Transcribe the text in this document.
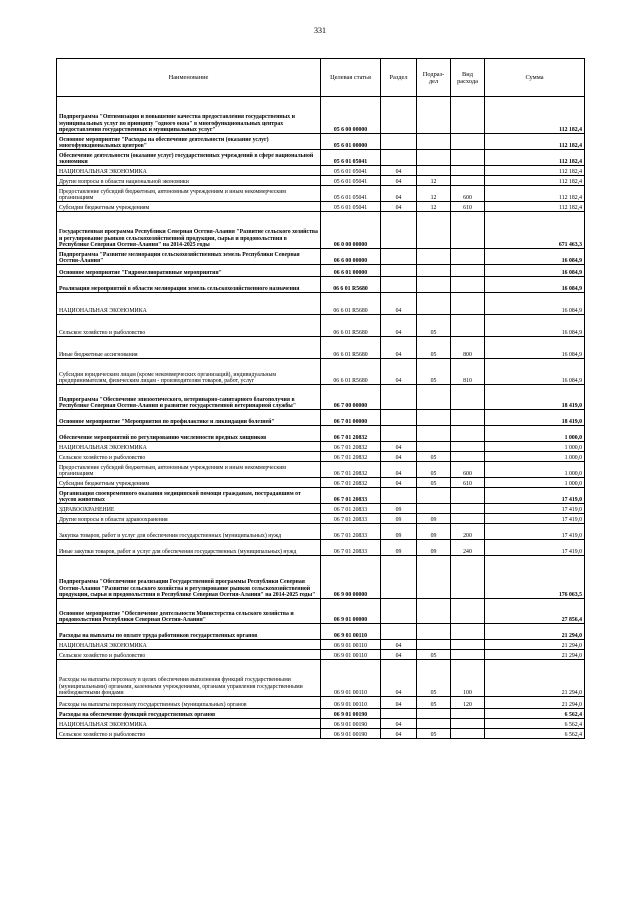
331
Наименование	Целевая статья	Раздел	Подраз-дел	Вид расхода	Сумма
Подпрограмма "Оптимизация и повышение качества предоставления государственных и муниципальных услуг по принципу "одного окна" в многофункциональных центрах предоставления государственных и муниципальных услуг"	05 6 00 00000				112 182,4
Основное мероприятие "Расходы на обеспечение деятельности (оказание услуг) многофункциональных центров"	05 6 01 00000				112 182,4
Обеспечение деятельности (оказание услуг) государственных учреждений в сфере национальной экономики	05 6 01 05041				112 182,4
НАЦИОНАЛЬНАЯ ЭКОНОМИКА	05 6 01 05041	04			112 182,4
Другие вопросы в области национальной экономики	05 6 01 05041	04	12		112 182,4
Предоставление субсидий бюджетным, автономным учреждениям и иным некоммерческим организациям	05 6 01 05041	04	12	600	112 182,4
Субсидии бюджетным учреждениям	05 6 01 05041	04	12	610	112 182,4
Государственная программа Республики Северная Осетия-Алания "Развитие сельского хозяйства и регулирование рынков сельскохозяйственной продукции, сырья и продовольствия в Республике Северная Осетия-Алания" на 2014-2025 годы	06 0 00 00000				671 463,3
Подпрограмма "Развитие мелиорации сельскохозяйственных земель Республики Северная Осетия-Алания"	06 6 00 00000				16 084,9
Основное мероприятие "Гидромелиоративные мероприятия"	06 6 01 00000				16 084,9
Реализация мероприятий в области мелиорации земель сельскохозяйственного назначения	06 6 01 R5680				16 084,9
НАЦИОНАЛЬНАЯ ЭКОНОМИКА	06 6 01 R5680	04			16 084,9
Сельское хозяйство и рыболовство	06 6 01 R5680	04	05		16 084,9
Иные бюджетные ассигнования	06 6 01 R5680	04	05	800	16 084,9
Субсидии юридическим лицам (кроме некоммерческих организаций), индивидуальным предпринимателям, физическим лицам - производителям товаров, работ, услуг	06 6 01 R5680	04	05	810	16 084,9
Подпрограмма "Обеспечение эпизоотического, ветеринарно-санитарного благополучия в Республике Северная Осетия-Алания и развитие государственной ветеринарной службы"	06 7 00 00000				18 419,0
Основное мероприятие "Мероприятия по профилактике и ликвидации болезней"	06 7 01 00000				18 419,0
Обеспечение мероприятий по регулированию численности вредных хищников	06 7 01 20832				1 000,0
НАЦИОНАЛЬНАЯ ЭКОНОМИКА	06 7 01 20832	04			1 000,0
Сельское хозяйство и рыболовство	06 7 01 20832	04	05		1 000,0
Предоставление субсидий бюджетным, автономным учреждениям и иным некоммерческим организациям	06 7 01 20832	04	05	600	1 000,0
Субсидии бюджетным учреждениям	06 7 01 20832	04	05	610	1 000,0
Организация своевременного оказания медицинской помощи гражданам, пострадавшим от укусов животных	06 7 01 20833				17 419,0
ЗДРАВООХРАНЕНИЕ	06 7 01 20833	09			17 419,0
Другие вопросы в области здравоохранения	06 7 01 20833	09	09		17 419,0
Закупка товаров, работ и услуг для обеспечения государственных (муниципальных) нужд	06 7 01 20833	09	09	200	17 419,0
Иные закупки товаров, работ и услуг для обеспечения государственных (муниципальных) нужд	06 7 01 20833	09	09	240	17 419,0
Подпрограмма "Обеспечение реализации Государственной программы Республики Северная Осетия-Алания "Развитие сельского хозяйства и регулирование рынков сельскохозяйственной продукции, сырья и продовольствия в Республике Северная Осетия-Алания" на 2014-2025 годы"	06 9 00 00000				176 063,5
Основное мероприятие "Обеспечение деятельности Министерства сельского хозяйства и продовольствия Республики Северная Осетия-Алания"	06 9 01 00000				27 856,4
Расходы на выплаты по оплате труда работников государственных органов	06 9 01 00110				21 294,0
НАЦИОНАЛЬНАЯ ЭКОНОМИКА	06 9 01 00110	04			21 294,0
Сельское хозяйство и рыболовство	06 9 01 00110	04	05		21 294,0
Расходы на выплаты персоналу в целях обеспечения выполнения функций государственными (муниципальными) органами, казенными учреждениями, органами управления государственными внебюджетными фондами	06 9 01 00110	04	05	100	21 294,0
Расходы на выплаты персоналу государственных (муниципальных) органов	06 9 01 00110	04	05	120	21 294,0
Расходы на обеспечение функций государственных органов	06 9 01 00190				6 562,4
НАЦИОНАЛЬНАЯ ЭКОНОМИКА	06 9 01 00190	04			6 562,4
Сельское хозяйство и рыболовство	06 9 01 00190	04	05		6 562,4
